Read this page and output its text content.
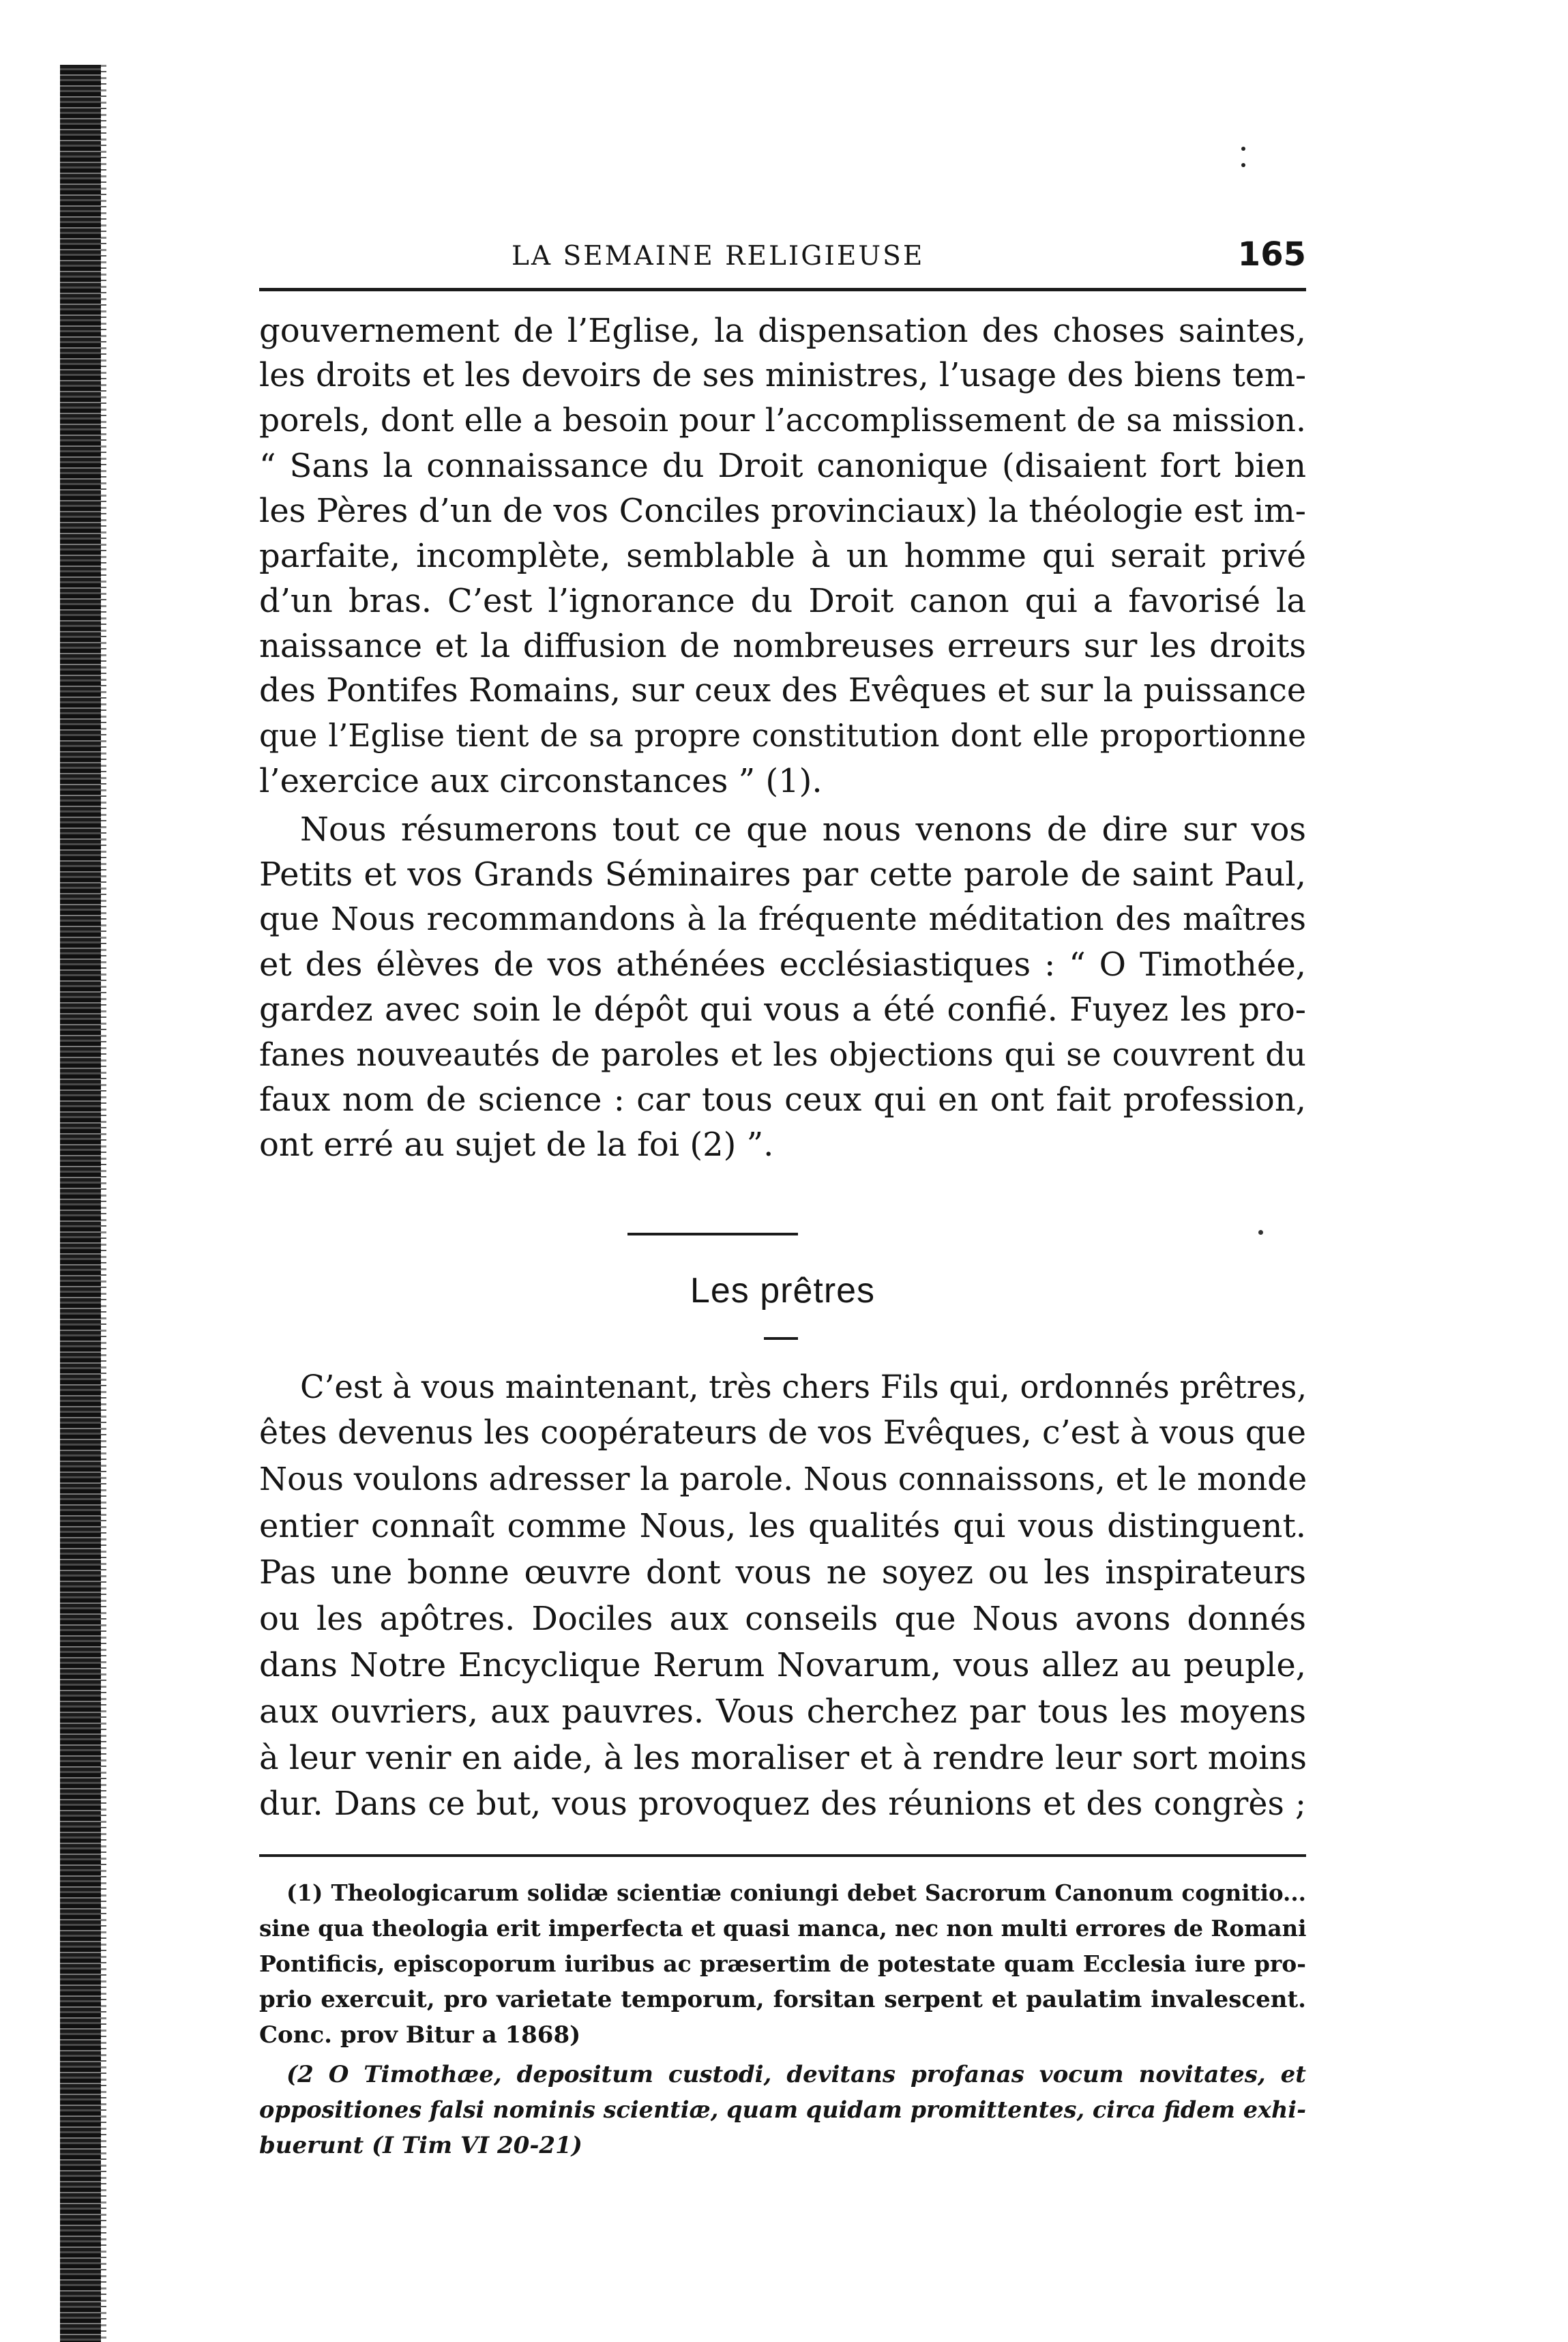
LA SEMAINE RELIGIEUSE	165
gouvernement de l’Eglise, la dispensation des choses saintes,
les droits et les devoirs de ses ministres, l’usage des biens tem-
porels, dont elle a besoin pour l’accomplissement de sa mission.
“ Sans la connaissance du Droit canonique (disaient fort bien
les Pères d’un de vos Conciles provinciaux) la théologie est im-
parfaite, incomplète, semblable à un homme qui serait privé
d’un bras. C’est l’ignorance du Droit canon qui a favorisé la
naissance et la diffusion de nombreuses erreurs sur les droits
des Pontifes Romains, sur ceux des Evêques et sur la puissance
que l’Eglise tient de sa propre constitution dont elle proportionne
l’exercice aux circonstances ” (1).
Nous résumerons tout ce que nous venons de dire sur vos
Petits et vos Grands Séminaires par cette parole de saint Paul,
que Nous recommandons à la fréquente méditation des maîtres
et des élèves de vos athénées ecclésiastiques : “ O Timothée,
gardez avec soin le dépôt qui vous a été confié. Fuyez les pro-
fanes nouveautés de paroles et les objections qui se couvrent du
faux nom de science : car tous ceux qui en ont fait profession,
ont erré au sujet de la foi (2) ”.
Les prêtres
C’est à vous maintenant, très chers Fils qui, ordonnés prêtres,
êtes devenus les coopérateurs de vos Evêques, c’est à vous que
Nous voulons adresser la parole. Nous connaissons, et le monde
entier connaît comme Nous, les qualités qui vous distinguent.
Pas une bonne œuvre dont vous ne soyez ou les inspirateurs
ou les apôtres. Dociles aux conseils que Nous avons donnés
dans Notre Encyclique Rerum Novarum, vous allez au peuple,
aux ouvriers, aux pauvres. Vous cherchez par tous les moyens
à leur venir en aide, à les moraliser et à rendre leur sort moins
dur. Dans ce but, vous provoquez des réunions et des congrès ;
(1) Theologicarum solidæ scientiæ coniungi debet Sacrorum Canonum cognitio...
sine qua theologia erit imperfecta et quasi manca, nec non multi errores de Romani
Pontificis, episcoporum iuribus ac præsertim de potestate quam Ecclesia iure pro-
prio exercuit, pro varietate temporum, forsitan serpent et paulatim invalescent.
Conc. prov Bitur a 1868)
(2 O Timothæe, depositum custodi, devitans profanas vocum novitates, et
oppositiones falsi nominis scientiæ, quam quidam promittentes, circa fidem exhi-
buerunt (I Tim VI 20-21)
